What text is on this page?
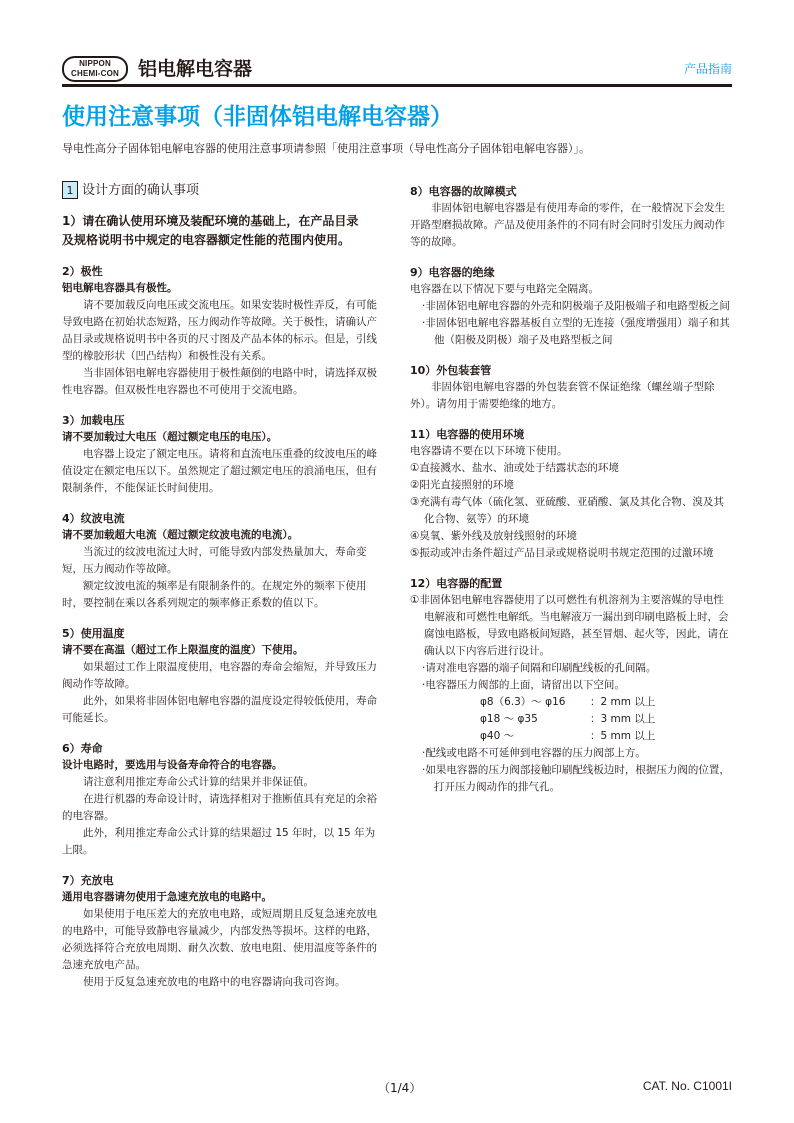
NIPPON
CHEMI-CON 铝电解电容器	产品指南
使用注意事项（非固体铝电解电容器）
导电性高分子固体铝电解电容器的使用注意事项请参照「使用注意事项（导电性高分子固体铝电解电容器）」。
1 设计方面的确认事项

1）请在确认使用环境及装配环境的基础上，在产品目录

及规格说明书中规定的电容器额定性能的范围内使用。

2）极性

铝电解电容器具有极性。

请不要加载反向电压或交流电压。如果安装时极性弄反，有可能导致电路在初始状态短路，压力阀动作等故障。关于极性，请确认产品目录或规格说明书中各页的尺寸图及产品本体的标示。但是，引线型的橡胶形状（凹凸结构）和极性没有关系。

当非固体铝电解电容器使用于极性颠倒的电路中时，请选择双极性电容器。但双极性电容器也不可使用于交流电路。

3）加载电压

请不要加载过大电压（超过额定电压的电压）。

电容器上设定了额定电压。请将和直流电压重叠的纹波电压的峰值设定在额定电压以下。虽然规定了超过额定电压的浪涌电压，但有限制条件，不能保证长时间使用。

4）纹波电流

请不要加载超大电流（超过额定纹波电流的电流）。

当流过的纹波电流过大时，可能导致内部发热量加大，寿命变短，压力阀动作等故障。

额定纹波电流的频率是有限制条件的。在规定外的频率下使用时，要控制在乘以各系列规定的频率修正系数的值以下。

5）使用温度

请不要在高温（超过工作上限温度的温度）下使用。

如果超过工作上限温度使用，电容器的寿命会缩短，并导致压力阀动作等故障。

此外，如果将非固体铝电解电容器的温度设定得较低使用，寿命可能延长。

6）寿命

设计电路时，要选用与设备寿命符合的电容器。

请注意利用推定寿命公式计算的结果并非保证值。

在进行机器的寿命设计时，请选择相对于推断值具有充足的余裕的电容器。

此外，利用推定寿命公式计算的结果超过 15 年时，以 15 年为上限。

7）充放电

通用电容器请勿使用于急速充放电的电路中。

如果使用于电压差大的充放电电路，或短周期且反复急速充放电的电路中，可能导致静电容量减少，内部发热等损坏。这样的电路，必须选择符合充放电周期、耐久次数、放电电阻、使用温度等条件的急速充放电产品。

使用于反复急速充放电的电路中的电容器请向我司咨询。

8）电容器的故障模式

非固体铝电解电容器是有使用寿命的零件，在一般情况下会发生开路型磨损故障。产品及使用条件的不同有时会同时引发压力阀动作等的故障。

9）电容器的绝缘

电容器在以下情况下要与电路完全隔离。

·非固体铝电解电容器的外壳和阴极端子及阳极端子和电路型板之间

·非固体铝电解电容器基板自立型的无连接（强度增强用）端子和其他（阳极及阴极）端子及电路型板之间

10）外包装套管

非固体铝电解电容器的外包装套管不保证绝缘（螺丝端子型除外）。请勿用于需要绝缘的地方。

11）电容器的使用环境

电容器请不要在以下环境下使用。

①直接溅水、盐水、油或处于结露状态的环境

②阳光直接照射的环境

③充满有毒气体（硫化氢、亚硫酸、亚硝酸、氯及其化合物、溴及其化合物、氨等）的环境

④臭氧、紫外线及放射线照射的环境

⑤振动或冲击条件超过产品目录或规格说明书规定范围的过激环境

12）电容器的配置

①非固体铝电解电容器使用了以可燃性有机溶剂为主要溶媒的导电性电解液和可燃性电解纸。当电解液万一漏出到印刷电路板上时，会腐蚀电路板，导致电路板间短路，甚至冒烟、起火等，因此，请在确认以下内容后进行设计。

·请对准电容器的端子间隔和印刷配线板的孔间隔。

·电容器压力阀部的上面，请留出以下空间。

φ8（6.3）～ φ16	：2 mm 以上
φ18 ～ φ35	：3 mm 以上
φ40 ～	：5 mm 以上

·配线或电路不可延伸到电容器的压力阀部上方。

·如果电容器的压力阀部接触印刷配线板边时，根据压力阀的位置，打开压力阀动作的排气孔。

（1/4）	CAT. No. C1001I
